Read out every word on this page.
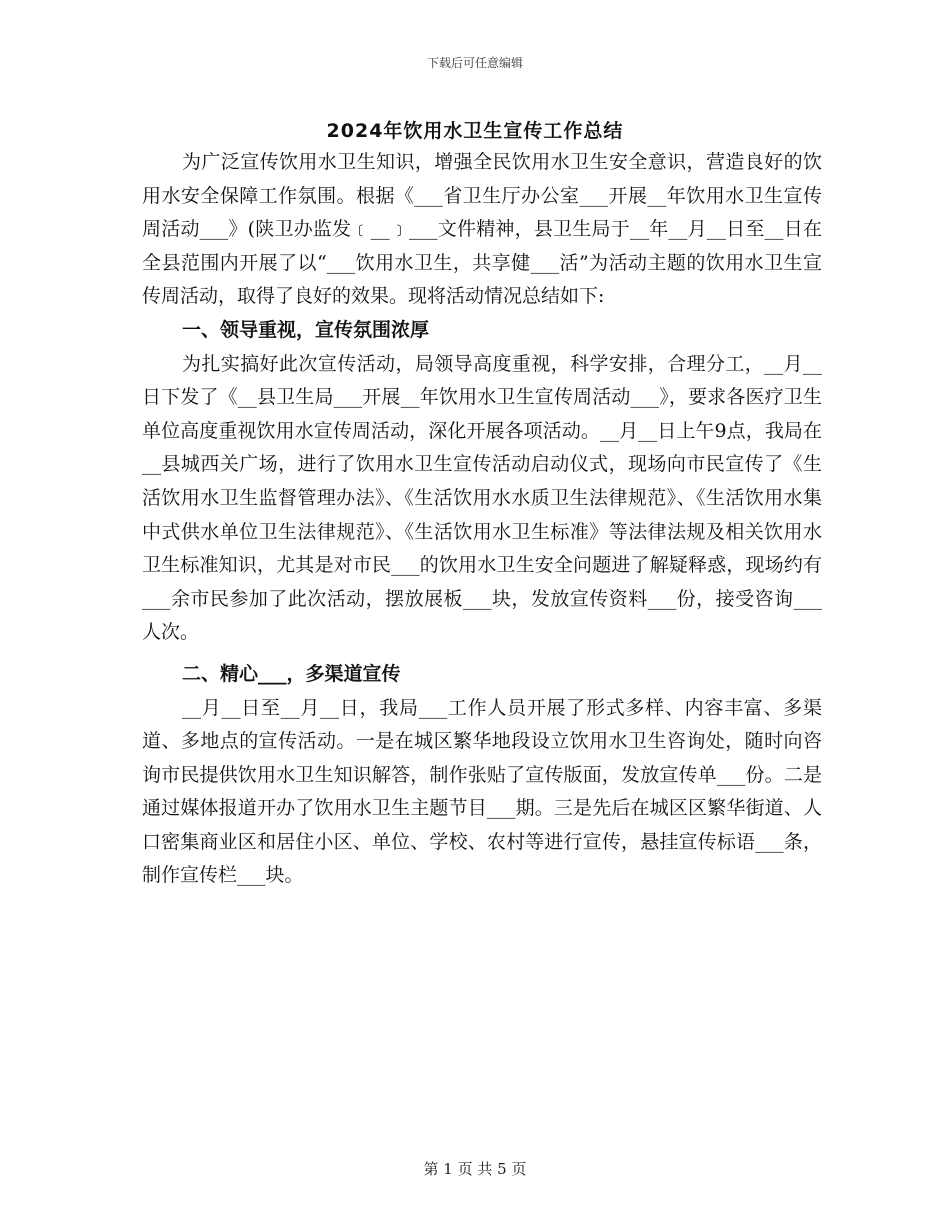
下载后可任意编辑
2024年饮用水卫生宣传工作总结

为广泛宣传饮用水卫生知识，增强全民饮用水卫生安全意识，营造良好的饮用水安全保障工作氛围。根据《___省卫生厅办公室___开展__年饮用水卫生宣传周活动___》(陕卫办监发﹝__﹞___文件精神，县卫生局于__年__月__日至__日在全县范围内开展了以“___饮用水卫生，共享健___活”为活动主题的饮用水卫生宣传周活动，取得了良好的效果。现将活动情况总结如下:

一、领导重视，宣传氛围浓厚

为扎实搞好此次宣传活动，局领导高度重视，科学安排，合理分工，__月__日下发了《__县卫生局___开展__年饮用水卫生宣传周活动___》，要求各医疗卫生单位高度重视饮用水宣传周活动，深化开展各项活动。__月__日上午9点，我局在__县城西关广场，进行了饮用水卫生宣传活动启动仪式，现场向市民宣传了《生活饮用水卫生监督管理办法》、《生活饮用水水质卫生法律规范》、《生活饮用水集中式供水单位卫生法律规范》、《生活饮用水卫生标准》等法律法规及相关饮用水卫生标准知识，尤其是对市民___的饮用水卫生安全问题进了解疑释惑，现场约有___余市民参加了此次活动，摆放展板___块，发放宣传资料___份，接受咨询___人次。

二、精心___，多渠道宣传

__月__日至__月__日，我局___工作人员开展了形式多样、内容丰富、多渠道、多地点的宣传活动。一是在城区繁华地段设立饮用水卫生咨询处，随时向咨询市民提供饮用水卫生知识解答，制作张贴了宣传版面，发放宣传单___份。二是通过媒体报道开办了饮用水卫生主题节目___期。三是先后在城区区繁华街道、人口密集商业区和居住小区、单位、学校、农村等进行宣传，悬挂宣传标语___条，制作宣传栏___块。

第 1 页 共 5 页
